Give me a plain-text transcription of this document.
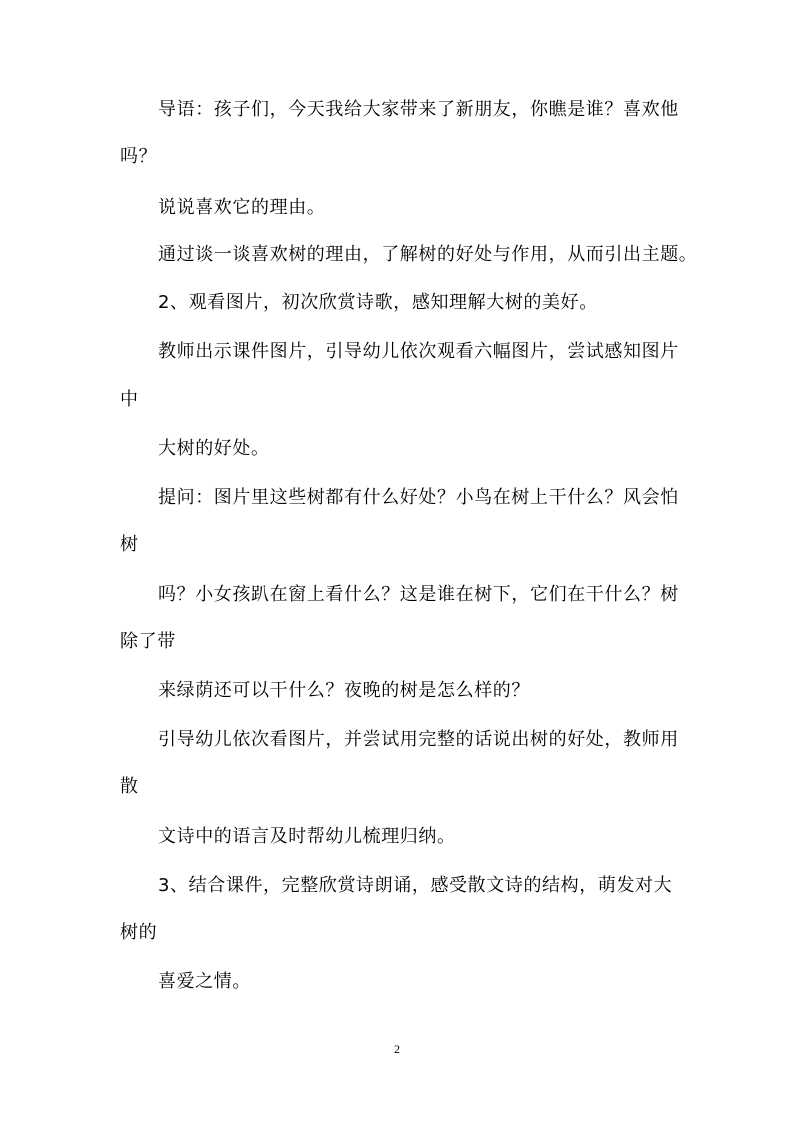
导语：孩子们，今天我给大家带来了新朋友，你瞧是谁？喜欢他
吗？
说说喜欢它的理由。
通过谈一谈喜欢树的理由，了解树的好处与作用，从而引出主题。
2、观看图片，初次欣赏诗歌，感知理解大树的美好。
教师出示课件图片，引导幼儿依次观看六幅图片，尝试感知图片
中
大树的好处。
提问：图片里这些树都有什么好处？小鸟在树上干什么？风会怕
树
吗？小女孩趴在窗上看什么？这是谁在树下，它们在干什么？树
除了带
来绿荫还可以干什么？夜晚的树是怎么样的？
引导幼儿依次看图片，并尝试用完整的话说出树的好处，教师用
散
文诗中的语言及时帮幼儿梳理归纳。
3、结合课件，完整欣赏诗朗诵，感受散文诗的结构，萌发对大
树的
喜爱之情。
2
